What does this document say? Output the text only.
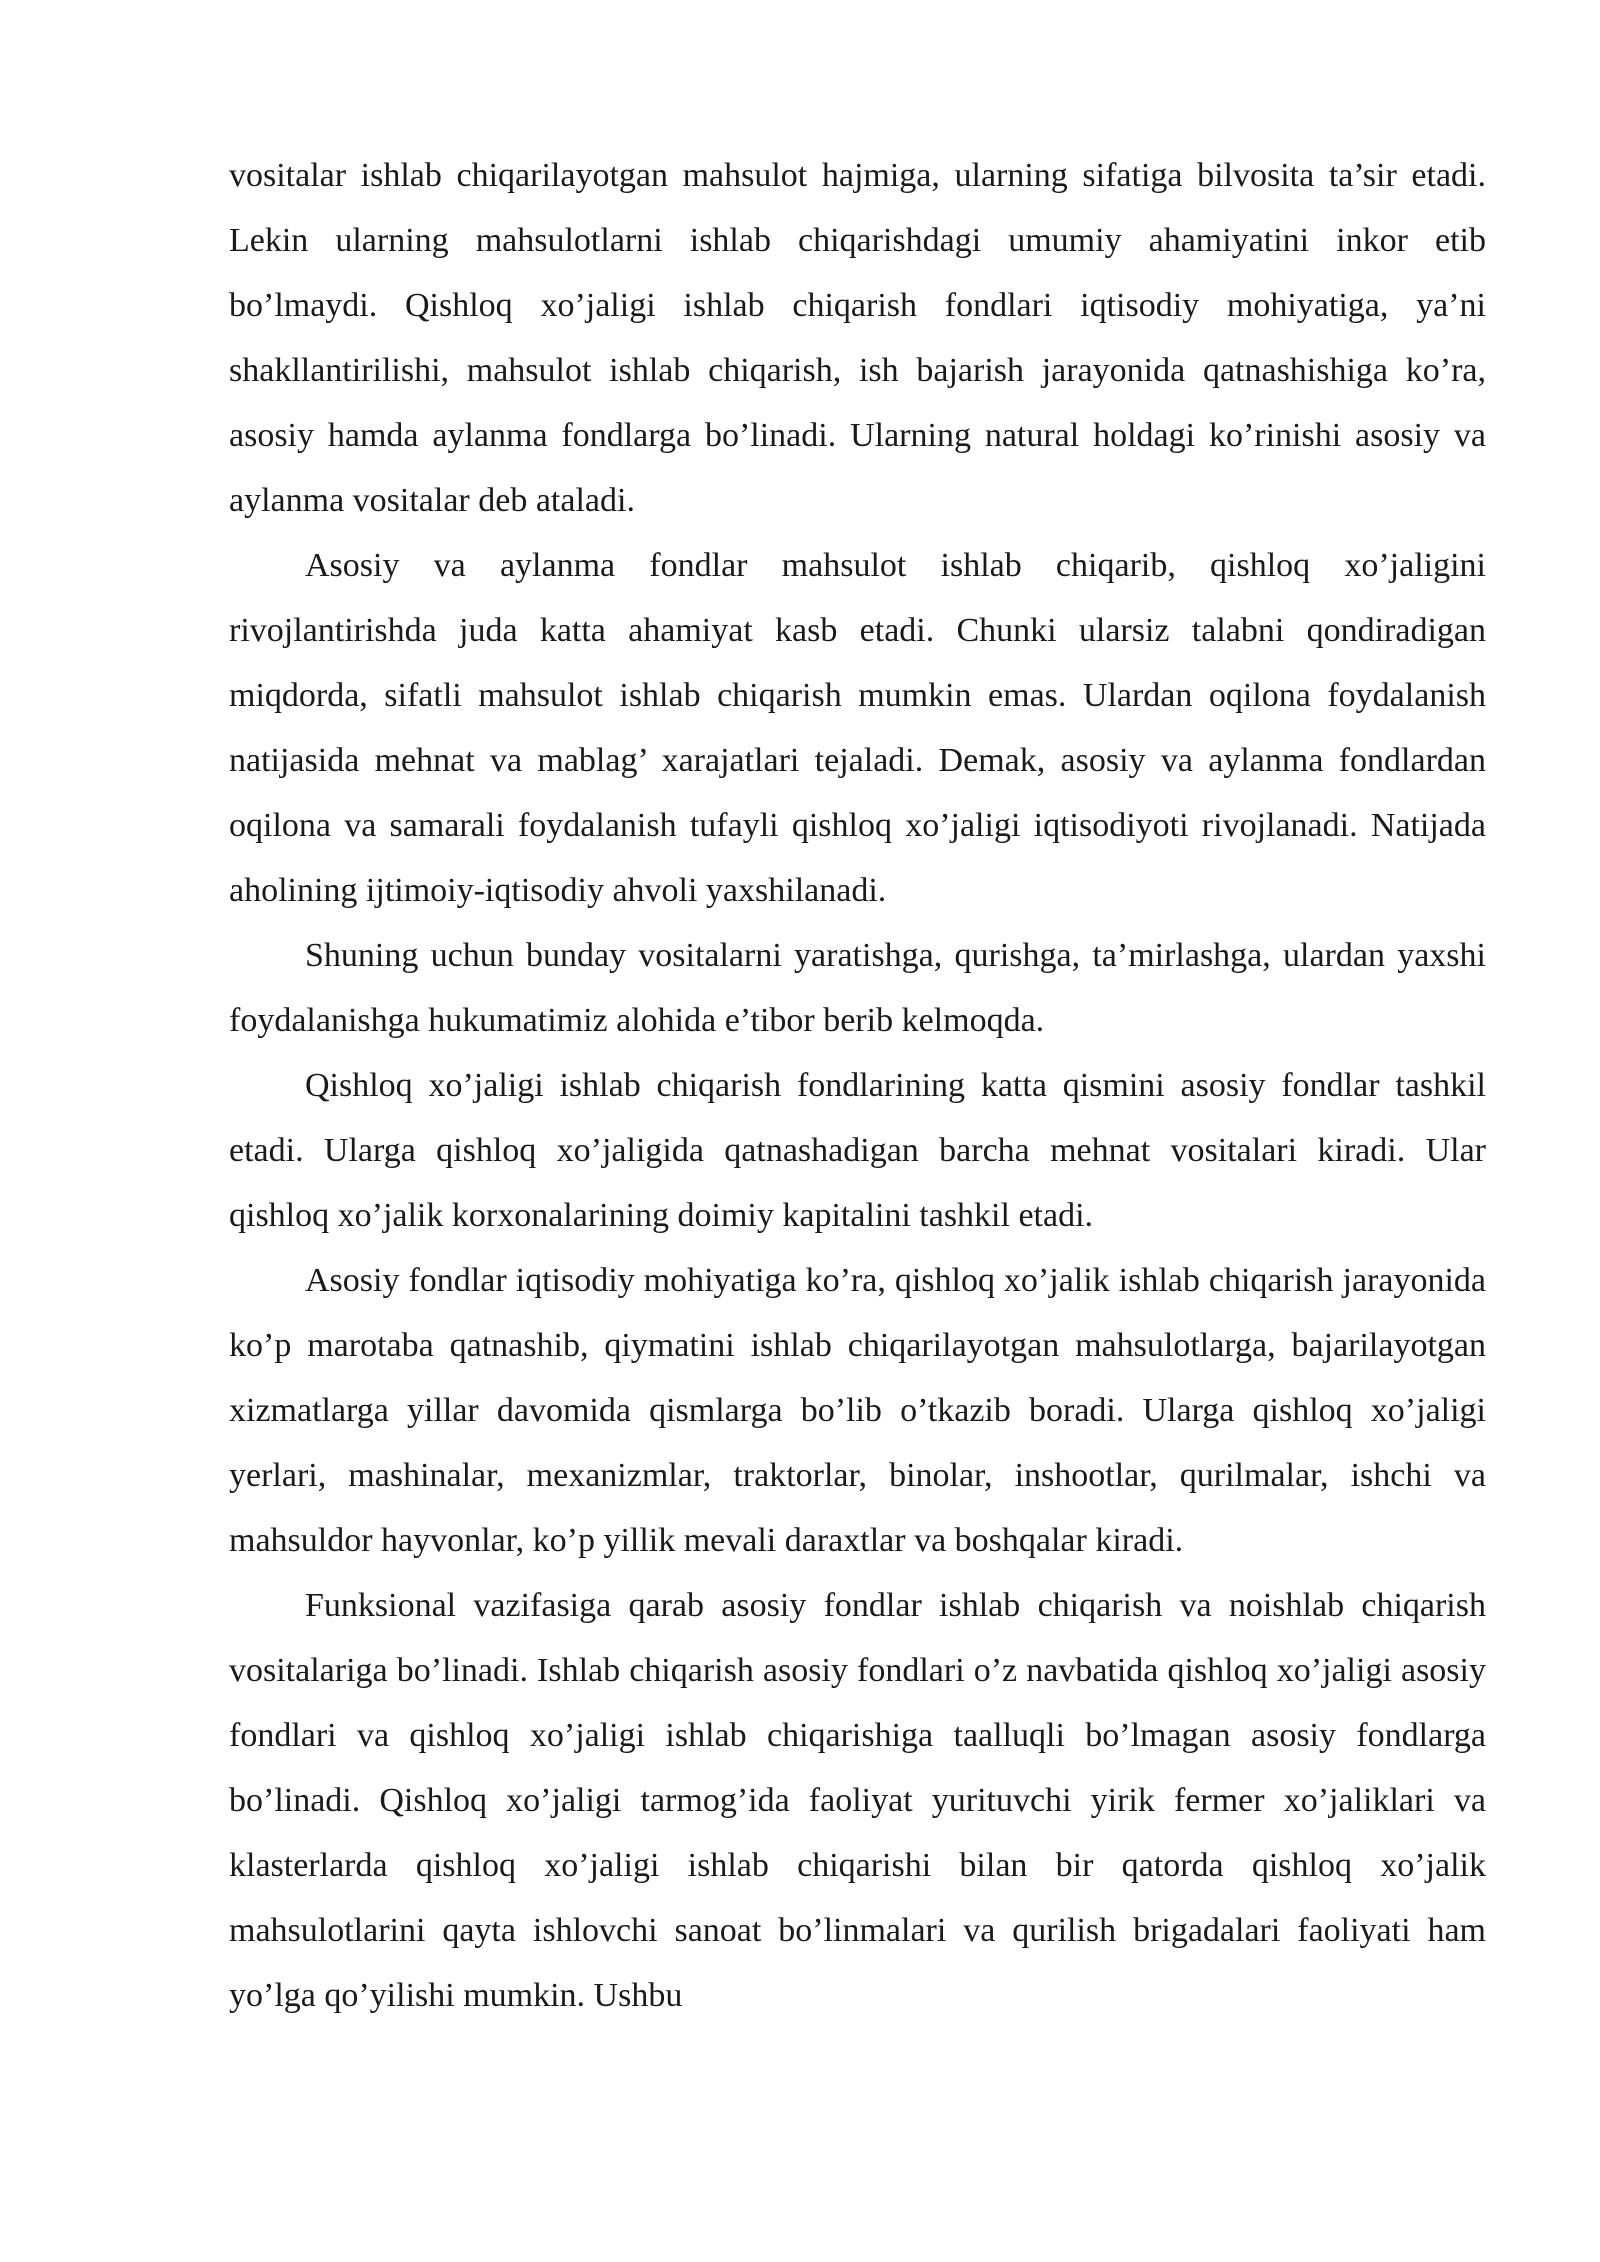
vositalar ishlab chiqarilayotgan mahsulot hajmiga, ularning sifatiga bilvosita ta’sir etadi. Lekin ularning mahsulotlarni ishlab chiqarishdagi umumiy ahamiyatini inkor etib bo’lmaydi. Qishloq xo’jaligi ishlab chiqarish fondlari iqtisodiy mohiyatiga, ya’ni shakllantirilishi, mahsulot ishlab chiqarish, ish bajarish jarayonida qatnashishiga ko’ra, asosiy hamda aylanma fondlarga bo’linadi. Ularning natural holdagi ko’rinishi asosiy va aylanma vositalar deb ataladi.

Asosiy va aylanma fondlar mahsulot ishlab chiqarib, qishloq xo’jaligini rivojlantirishda juda katta ahamiyat kasb etadi. Chunki ularsiz talabni qondiradigan miqdorda, sifatli mahsulot ishlab chiqarish mumkin emas. Ulardan oqilona foydalanish natijasida mehnat va mablag’ xarajatlari tejaladi. Demak, asosiy va aylanma fondlardan oqilona va samarali foydalanish tufayli qishloq xo’jaligi iqtisodiyoti rivojlanadi. Natijada aholining ijtimoiy-iqtisodiy ahvoli yaxshilanadi.

Shuning uchun bunday vositalarni yaratishga, qurishga, ta’mirlashga, ulardan yaxshi foydalanishga hukumatimiz alohida e’tibor berib kelmoqda.

Qishloq xo’jaligi ishlab chiqarish fondlarining katta qismini asosiy fondlar tashkil etadi. Ularga qishloq xo’jaligida qatnashadigan barcha mehnat vositalari kiradi. Ular qishloq xo’jalik korxonalarining doimiy kapitalini tashkil etadi.

Asosiy fondlar iqtisodiy mohiyatiga ko’ra, qishloq xo’jalik ishlab chiqarish jarayonida ko’p marotaba qatnashib, qiymatini ishlab chiqarilayotgan mahsulotlarga, bajarilayotgan xizmatlarga yillar davomida qismlarga bo’lib o’tkazib boradi. Ularga qishloq xo’jaligi yerlari, mashinalar, mexanizmlar, traktorlar, binolar, inshootlar, qurilmalar, ishchi va mahsuldor hayvonlar, ko’p yillik mevali daraxtlar va boshqalar kiradi.

Funksional vazifasiga qarab asosiy fondlar ishlab chiqarish va noishlab chiqarish vositalariga bo’linadi. Ishlab chiqarish asosiy fondlari o’z navbatida qishloq xo’jaligi asosiy fondlari va qishloq xo’jaligi ishlab chiqarishiga taalluqli bo’lmagan asosiy fondlarga bo’linadi. Qishloq xo’jaligi tarmog’ida faoliyat yurituvchi yirik fermer xo’jaliklari va klasterlarda qishloq xo’jaligi ishlab chiqarishi bilan bir qatorda qishloq xo’jalik mahsulotlarini qayta ishlovchi sanoat bo’linmalari va qurilish brigadalari faoliyati ham yo’lga qo’yilishi mumkin. Ushbu
